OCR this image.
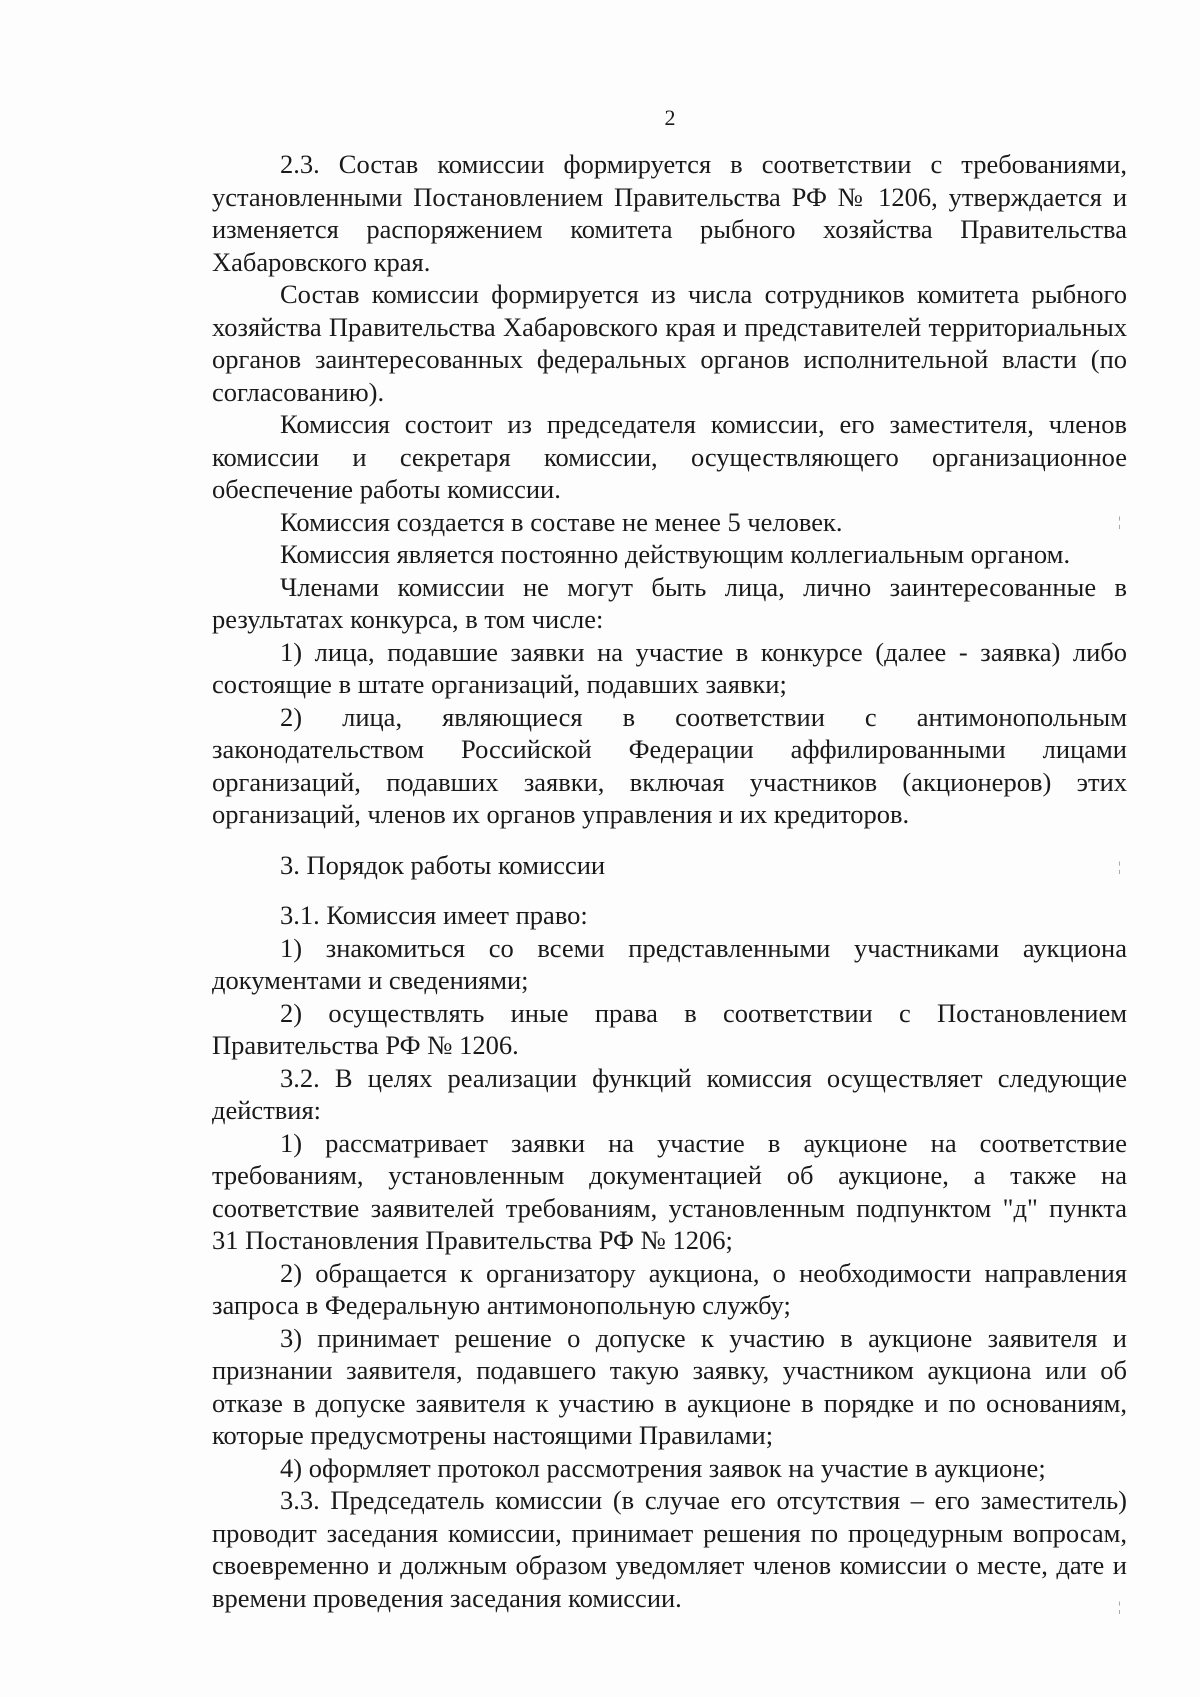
2

2.3. Состав комиссии формируется в соответствии с требованиями, установленными Постановлением Правительства РФ № 1206, утверждается и изменяется распоряжением комитета рыбного хозяйства Правительства Хабаровского края.

Состав комиссии формируется из числа сотрудников комитета рыбного хозяйства Правительства Хабаровского края и представителей территориальных органов заинтересованных федеральных органов исполнительной власти (по согласованию).

Комиссия состоит из председателя комиссии, его заместителя, членов комиссии и секретаря комиссии, осуществляющего организационное обеспечение работы комиссии.

Комиссия создается в составе не менее 5 человек.

Комиссия является постоянно действующим коллегиальным органом.

Членами комиссии не могут быть лица, лично заинтересованные в результатах конкурса, в том числе:

1) лица, подавшие заявки на участие в конкурсе (далее - заявка) либо состоящие в штате организаций, подавших заявки;

2) лица, являющиеся в соответствии с антимонопольным законодательством Российской Федерации аффилированными лицами организаций, подавших заявки, включая участников (акционеров) этих организаций, членов их органов управления и их кредиторов.

3. Порядок работы комиссии

3.1. Комиссия имеет право:

1) знакомиться со всеми представленными участниками аукциона документами и сведениями;

2) осуществлять иные права в соответствии с Постановлением Правительства РФ № 1206.

3.2. В целях реализации функций комиссия осуществляет следующие действия:

1) рассматривает заявки на участие в аукционе на соответствие требованиям, установленным документацией об аукционе, а также на соответствие заявителей требованиям, установленным подпунктом "д" пункта 31 Постановления Правительства РФ № 1206;

2) обращается к организатору аукциона, о необходимости направления запроса в Федеральную антимонопольную службу;

3) принимает решение о допуске к участию в аукционе заявителя и признании заявителя, подавшего такую заявку, участником аукциона или об отказе в допуске заявителя к участию в аукционе в порядке и по основаниям, которые предусмотрены настоящими Правилами;

4) оформляет протокол рассмотрения заявок на участие в аукционе;

3.3. Председатель комиссии (в случае его отсутствия – его заместитель) проводит заседания комиссии, принимает решения по процедурным вопросам, своевременно и должным образом уведомляет членов комиссии о месте, дате и времени проведения заседания комиссии.

¦
¦
¦
